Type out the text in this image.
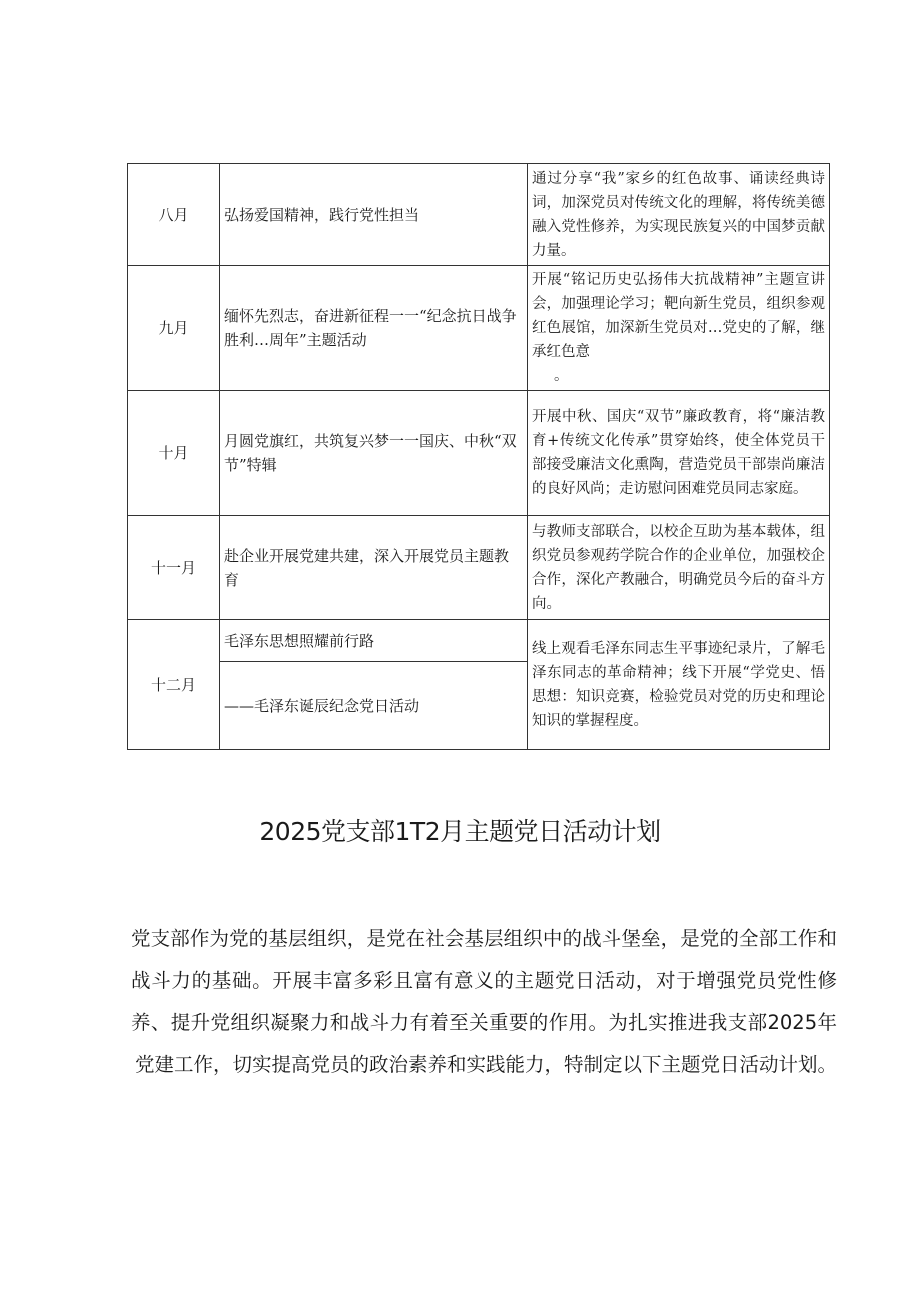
八月	弘扬爱国精神，践行党性担当	通过分享“我”家乡的红色故事、诵读经典诗词，加深党员对传统文化的理解，将传统美德融入党性修养，为实现民族复兴的中国梦贡献力量。
九月	缅怀先烈志，奋进新征程一一“纪念抗日战争胜利…周年”主题活动	开展“铭记历史弘扬伟大抗战精神”主题宣讲会，加强理论学习；靶向新生党员，组织参观红色展馆，加深新生党员对…党史的了解，继承红色意
。

十月	月圆党旗红，共筑复兴梦一一国庆、中秋“双节”特辑	开展中秋、国庆“双节”廉政教育，将“廉洁教育+传统文化传承”贯穿始终，使全体党员干部接受廉洁文化熏陶，营造党员干部崇尚廉洁的良好风尚；走访慰问困难党员同志家庭。
十一月	赴企业开展党建共建，深入开展党员主题教育	与教师支部联合，以校企互助为基本载体，组织党员参观药学院合作的企业单位，加强校企合作，深化产教融合，明确党员今后的奋斗方向。
十二月	毛泽东思想照耀前行路	线上观看毛泽东同志生平事迹纪录片，了解毛泽东同志的革命精神；线下开展“学党史、悟思想：知识竞赛，检验党员对党的历史和理论知识的掌握程度。
	——毛泽东诞辰纪念党日活动	
2025党支部1T2月主题党日活动计划

党支部作为党的基层组织，是党在社会基层组织中的战斗堡垒，是党的全部工作和战斗力的基础。开展丰富多彩且富有意义的主题党日活动，对于增强党员党性修养、提升党组织凝聚力和战斗力有着至关重要的作用。为扎实推进我支部2025年党建工作，切实提高党员的政治素养和实践能力，特制定以下主题党日活动计划。
